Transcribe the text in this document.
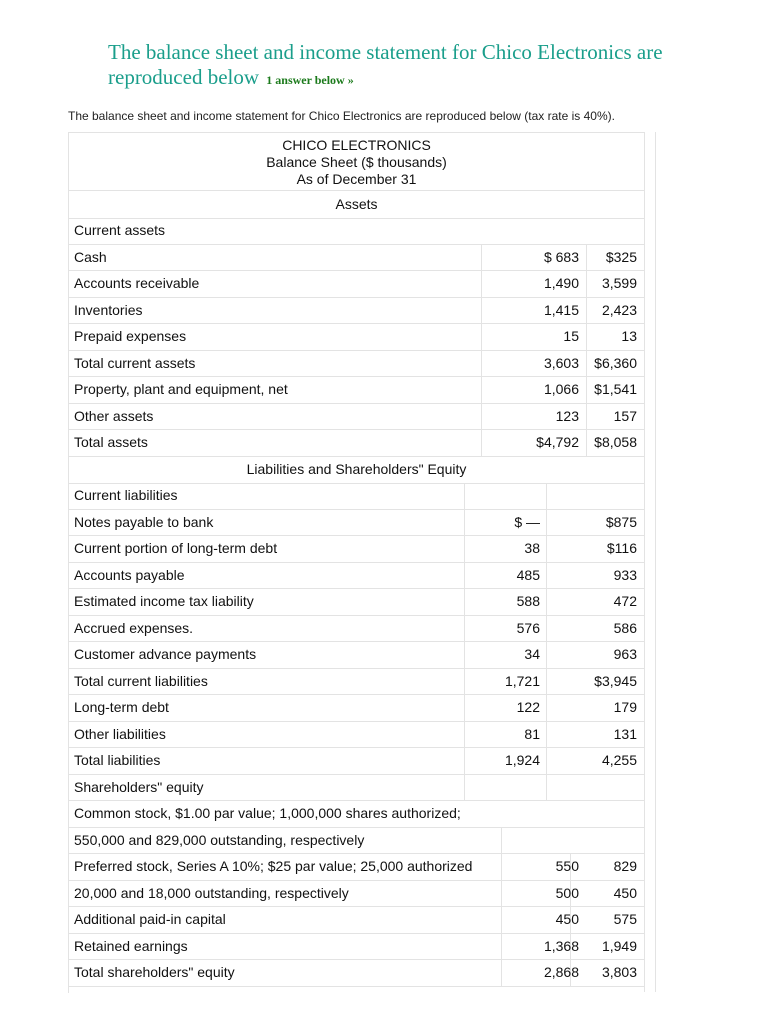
The balance sheet and income statement for Chico Electronics are reproduced below 1 answer below »
The balance sheet and income statement for Chico Electronics are reproduced below (tax rate is 40%).
CHICO ELECTRONICS
Balance Sheet ($ thousands)
As of December 31
Assets
Current assets
Cash	$ 683 $325
Accounts receivable	1,490 3,599
Inventories	1,415 2,423
Prepaid expenses	15	13
Total current assets	3,603 $6,360
Property, plant and equipment, net	1,066 $1,541
Other assets	123 157
Total assets	$4,792 $8,058
Liabilities and Shareholders" Equity
Current liabilities
Notes payable to bank	$ —	$875
Current portion of long-term debt	38	$116
Accounts payable	485	933
Estimated income tax liability	588	472
Accrued expenses.	576	586
Customer advance payments	34	963
Total current liabilities	1,721	$3,945
Long-term debt	122	179
Other liabilities	81	131
Total liabilities	1,924	4,255
Shareholders" equity
Common stock, $1.00 par value; 1,000,000 shares authorized;
550,000 and 829,000 outstanding, respectively
Preferred stock, Series A 10%; $25 par value; 25,000 authorized	550 829
20,000 and 18,000 outstanding, respectively	500 450
Additional paid-in capital	450 575
Retained earnings	1,368 1,949
Total shareholders" equity	2,868 3,803
